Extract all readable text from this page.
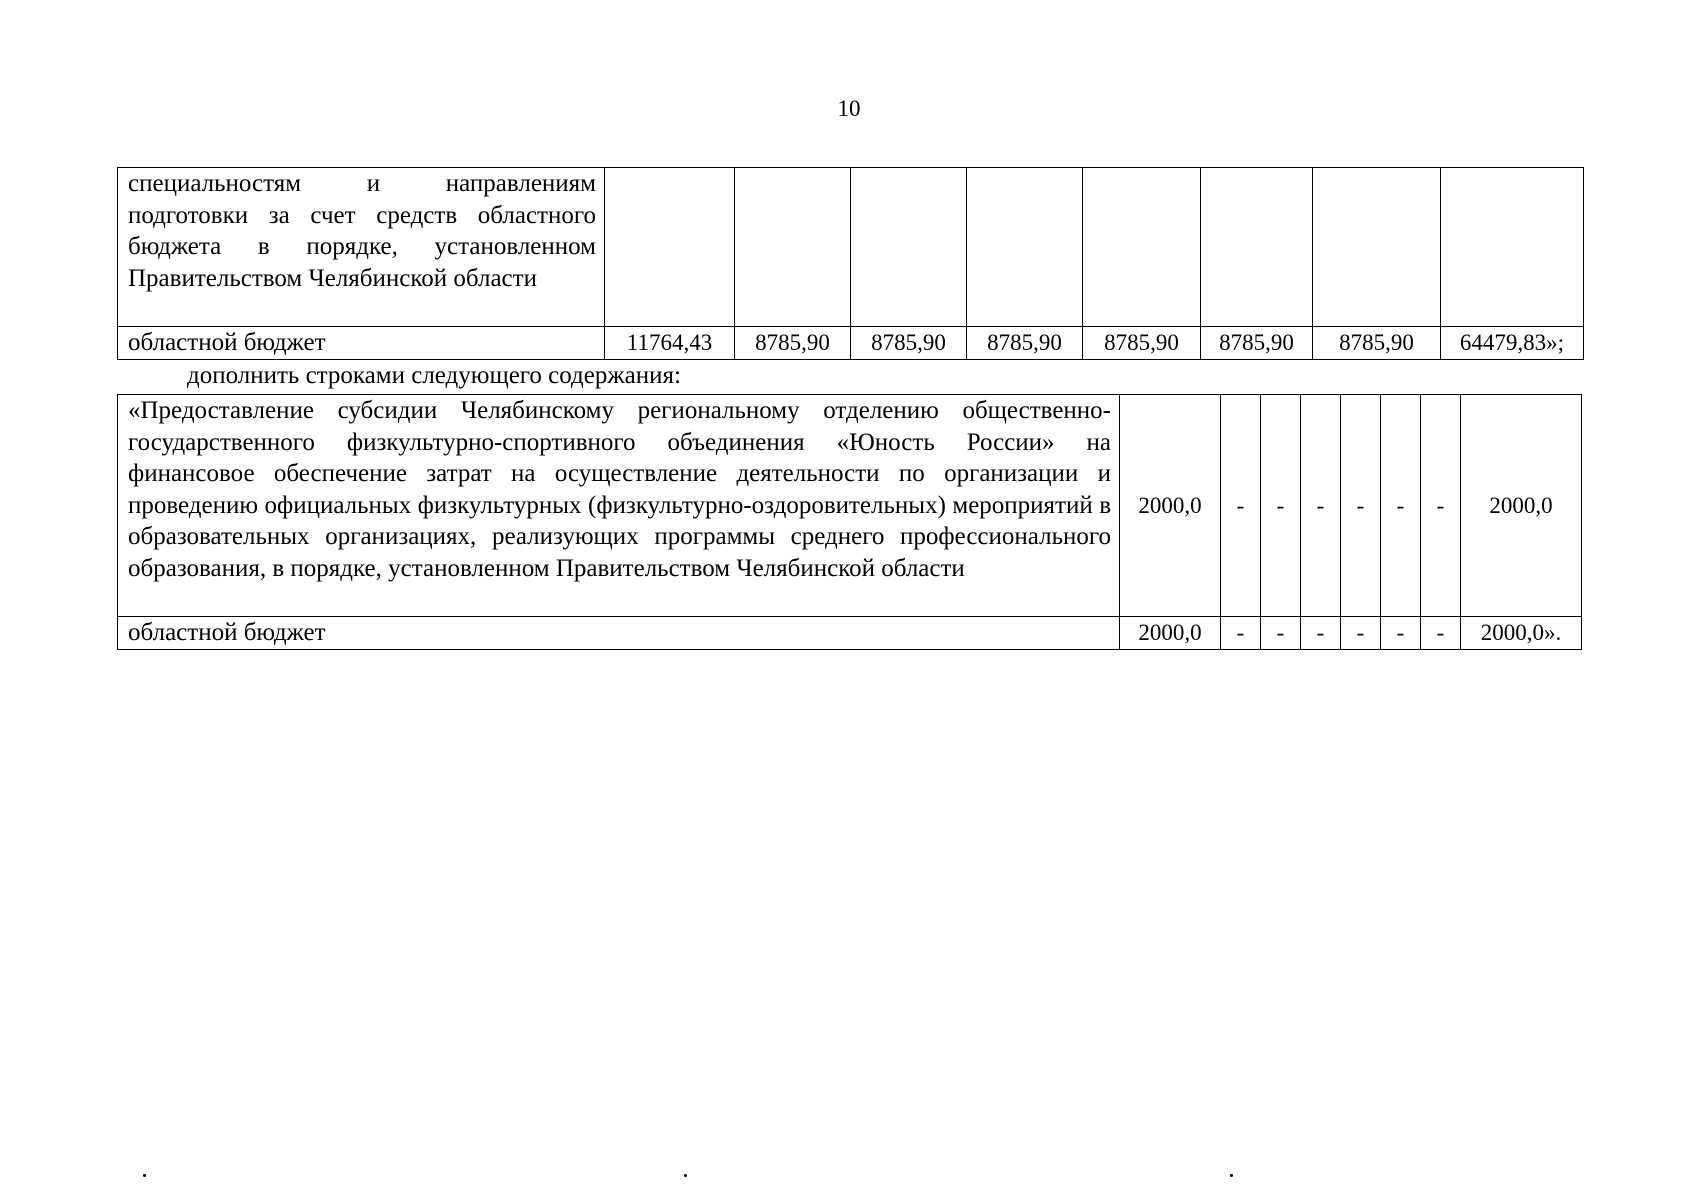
10
специальностям и направлениям подготовки за счет средств областного бюджета в порядке, установленном Правительством Челябинской области								
областной бюджет	11764,43	8785,90	8785,90	8785,90	8785,90	8785,90	8785,90	64479,83»;
дополнить строками следующего содержания:
«Предоставление субсидии Челябинскому региональному отделению общественно-государственного физкультурно-спортивного объединения «Юность России» на финансовое обеспечение затрат на осуществление деятельности по организации и проведению официальных физкультурных (физкультурно-оздоровительных) мероприятий в образовательных организациях, реализующих программы среднего профессионального образования, в порядке, установленном Правительством Челябинской области	2000,0	-	-	-	-	-	-	2000,0
областной бюджет	2000,0	-	-	-	-	-	-	2000,0».
